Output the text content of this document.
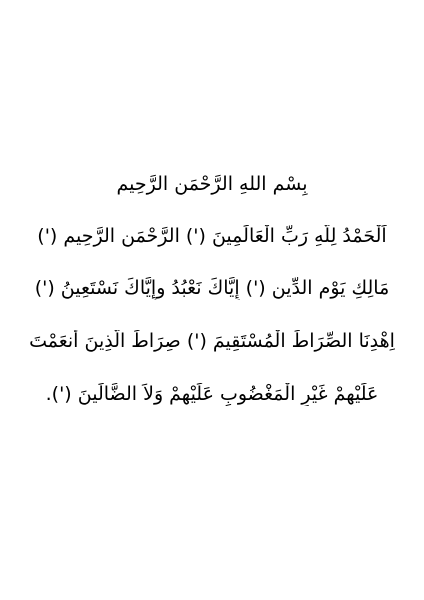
بِسْمِ اللهِ الرَّحْمَنِ الرَّحِيمِ
اَلْحَمْدُ لِلّهِ رَبِّ الْعَالَمِينَ (') الرَّحْمَنِ الرَّحِيمِ (')
مَالِكِ يَوْمِ الدِّينِ (') إِيَّاكَ نَعْبُدُ وإِيَّاكَ نَسْتَعِينُ (')
اِهْدِنَا الصِّرَاطَ الْمُسْتَقِيمَ (') صِرَاطَ الَّذِينَ أَنعَمْتَ
عَلَيْهِمْ غَيْرِ الْمَغْضُوبِ عَلَيْهِمْ وَلاَ الضَّالِّينَ (').
